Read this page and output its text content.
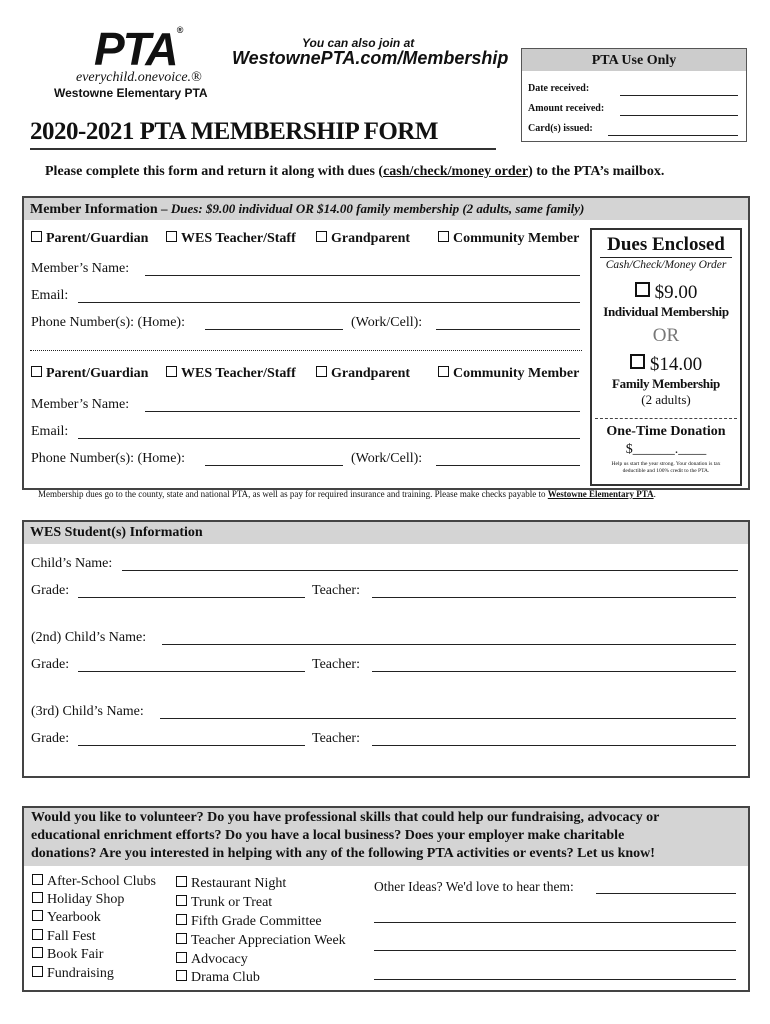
PTA®
everychild.onevoice.®
Westowne Elementary PTA
You can also join at
WestownePTA.com/Membership	PTA Use Only
Date received:
Amount received:
Card(s) issued:
2020-2021 PTA MEMBERSHIP FORM
Please complete this form and return it along with dues (cash/check/money order) to the PTA’s mailbox.
Member Information – Dues: $9.00 individual OR $14.00 family membership (2 adults, same family)
Parent/Guardian	WES Teacher/Staff	Grandparent	Community Member
Member’s Name:
Email:
Phone Number(s): (Home):	(Work/Cell):
Parent/Guardian	WES Teacher/Staff	Grandparent	Community Member
Member’s Name:
Email:
Phone Number(s): (Home):	(Work/Cell):
Dues Enclosed
Cash/Check/Money Order
$9.00
Individual Membership
OR
$14.00
Family Membership
(2 adults)
One-Time Donation
$______.____
Help us start the year strong. Your donation is tax
deductible and 100% credit to the PTA.
Membership dues go to the county, state and national PTA, as well as pay for required insurance and training. Please make checks payable to Westowne Elementary PTA.
WES Student(s) Information
Child’s Name:
Grade:	Teacher:
(2nd) Child’s Name:
Grade:	Teacher:
(3rd) Child’s Name:
Grade:	Teacher:
Would you like to volunteer? Do you have professional skills that could help our fundraising, advocacy or
educational enrichment efforts? Do you have a local business? Does your employer make charitable
donations? Are you interested in helping with any of the following PTA activities or events? Let us know!
After-School Clubs
Holiday Shop
Yearbook
Fall Fest
Book Fair
Fundraising
Restaurant Night
Trunk or Treat
Fifth Grade Committee
Teacher Appreciation Week
Advocacy
Drama Club
Other Ideas? We'd love to hear them:
